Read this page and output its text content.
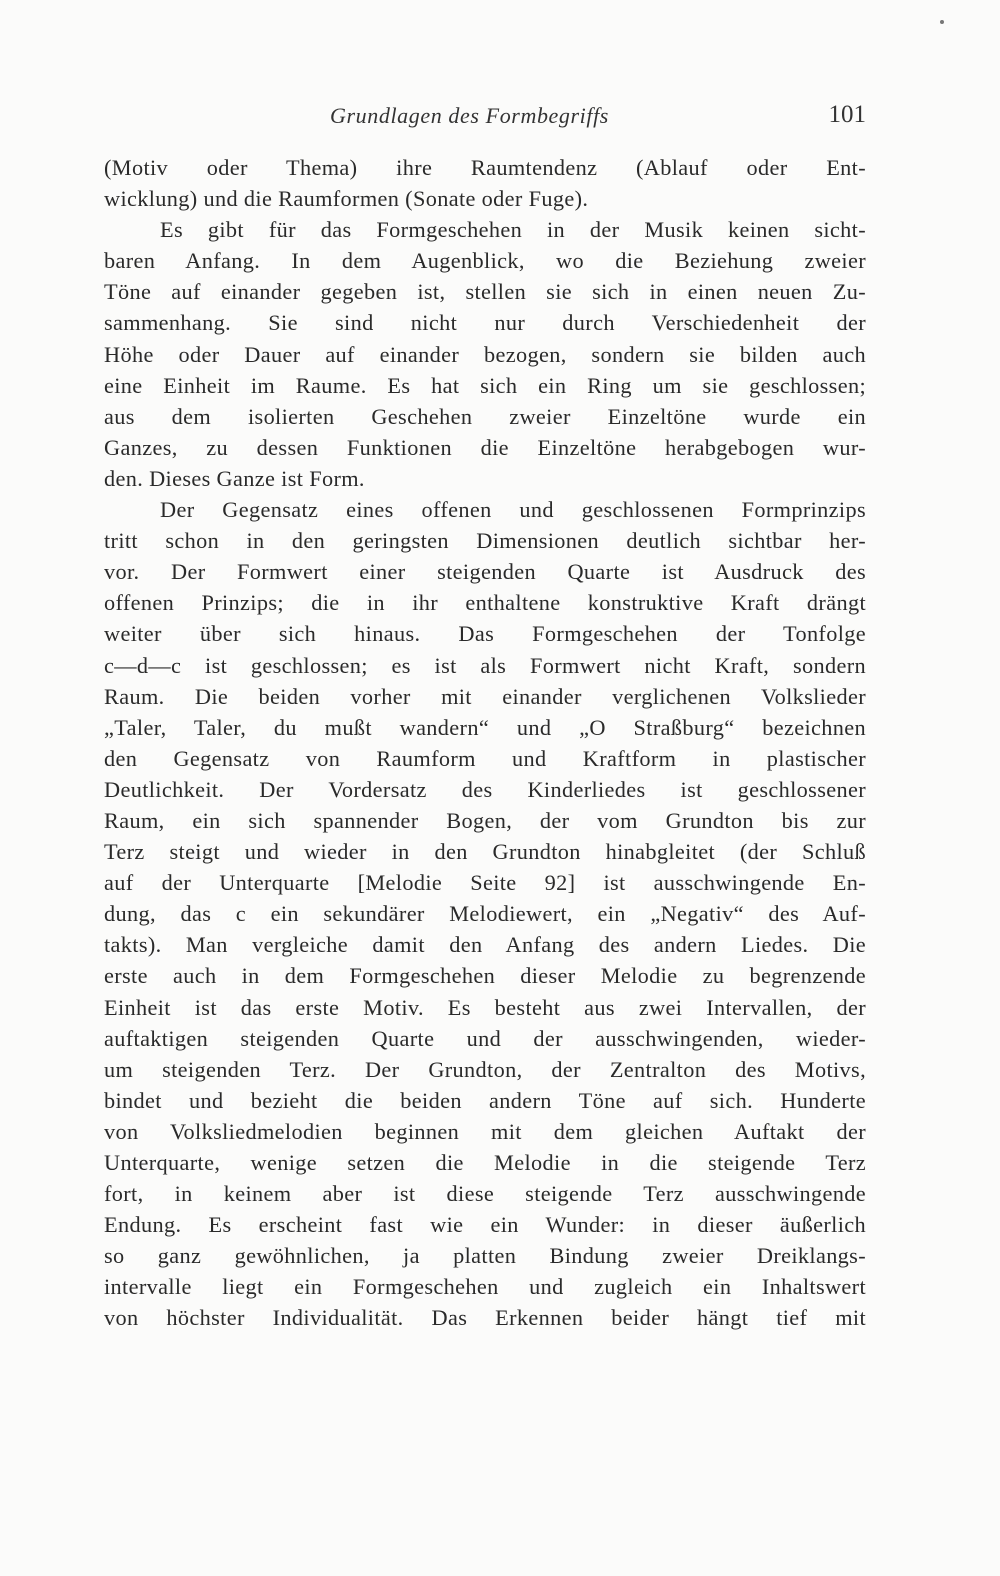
Grundlagen des Formbegriffs	101
(Motiv oder Thema) ihre Raumtendenz (Ablauf oder Ent-
wicklung) und die Raumformen (Sonate oder Fuge).
Es gibt für das Formgeschehen in der Musik keinen sicht-
baren Anfang. In dem Augenblick, wo die Beziehung zweier
Töne auf einander gegeben ist, stellen sie sich in einen neuen Zu-
sammenhang. Sie sind nicht nur durch Verschiedenheit der
Höhe oder Dauer auf einander bezogen, sondern sie bilden auch
eine Einheit im Raume. Es hat sich ein Ring um sie geschlossen;
aus dem isolierten Geschehen zweier Einzeltöne wurde ein
Ganzes, zu dessen Funktionen die Einzeltöne herabgebogen wur-
den. Dieses Ganze ist Form.
Der Gegensatz eines offenen und geschlossenen Formprinzips
tritt schon in den geringsten Dimensionen deutlich sichtbar her-
vor. Der Formwert einer steigenden Quarte ist Ausdruck des
offenen Prinzips; die in ihr enthaltene konstruktive Kraft drängt
weiter über sich hinaus. Das Formgeschehen der Tonfolge
c—d—c ist geschlossen; es ist als Formwert nicht Kraft, sondern
Raum. Die beiden vorher mit einander verglichenen Volkslieder
„Taler, Taler, du mußt wandern“ und „O Straßburg“ bezeichnen
den Gegensatz von Raumform und Kraftform in plastischer
Deutlichkeit. Der Vordersatz des Kinderliedes ist geschlossener
Raum, ein sich spannender Bogen, der vom Grundton bis zur
Terz steigt und wieder in den Grundton hinabgleitet (der Schluß
auf der Unterquarte [Melodie Seite 92] ist ausschwingende En-
dung, das c ein sekundärer Melodiewert, ein „Negativ“ des Auf-
takts). Man vergleiche damit den Anfang des andern Liedes. Die
erste auch in dem Formgeschehen dieser Melodie zu begrenzende
Einheit ist das erste Motiv. Es besteht aus zwei Intervallen, der
auftaktigen steigenden Quarte und der ausschwingenden, wieder-
um steigenden Terz. Der Grundton, der Zentralton des Motivs,
bindet und bezieht die beiden andern Töne auf sich. Hunderte
von Volksliedmelodien beginnen mit dem gleichen Auftakt der
Unterquarte, wenige setzen die Melodie in die steigende Terz
fort, in keinem aber ist diese steigende Terz ausschwingende
Endung. Es erscheint fast wie ein Wunder: in dieser äußerlich
so ganz gewöhnlichen, ja platten Bindung zweier Dreiklangs-
intervalle liegt ein Formgeschehen und zugleich ein Inhaltswert
von höchster Individualität. Das Erkennen beider hängt tief mit
